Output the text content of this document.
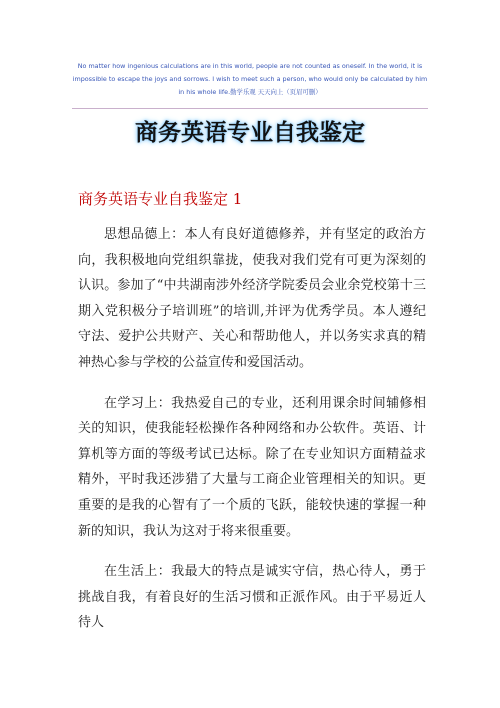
No matter how ingenious calculations are in this world, people are not counted as oneself. In the world, it is impossible to escape the joys and sorrows. I wish to meet such a person, who would only be calculated by him in his whole life.勤学乐观 天天向上（页眉可删）
商务英语专业自我鉴定
商务英语专业自我鉴定 1

思想品德上：本人有良好道德修养，并有坚定的政治方向，我积极地向党组织靠拢，使我对我们党有可更为深刻的认识。参加了“中共湖南涉外经济学院委员会业余党校第十三期入党积极分子培训班”的培训,并评为优秀学员。本人遵纪守法、爱护公共财产、关心和帮助他人，并以务实求真的精神热心参与学校的公益宣传和爱国活动。

在学习上：我热爱自己的专业，还利用课余时间辅修相关的知识，使我能轻松操作各种网络和办公软件。英语、计算机等方面的等级考试已达标。除了在专业知识方面精益求精外，平时我还涉猎了大量与工商企业管理相关的知识。更重要的是我的心智有了一个质的飞跃，能较快速的掌握一种新的知识，我认为这对于将来很重要。

在生活上：我最大的特点是诚实守信，热心待人，勇于挑战自我，有着良好的生活习惯和正派作风。由于平易近人待人
